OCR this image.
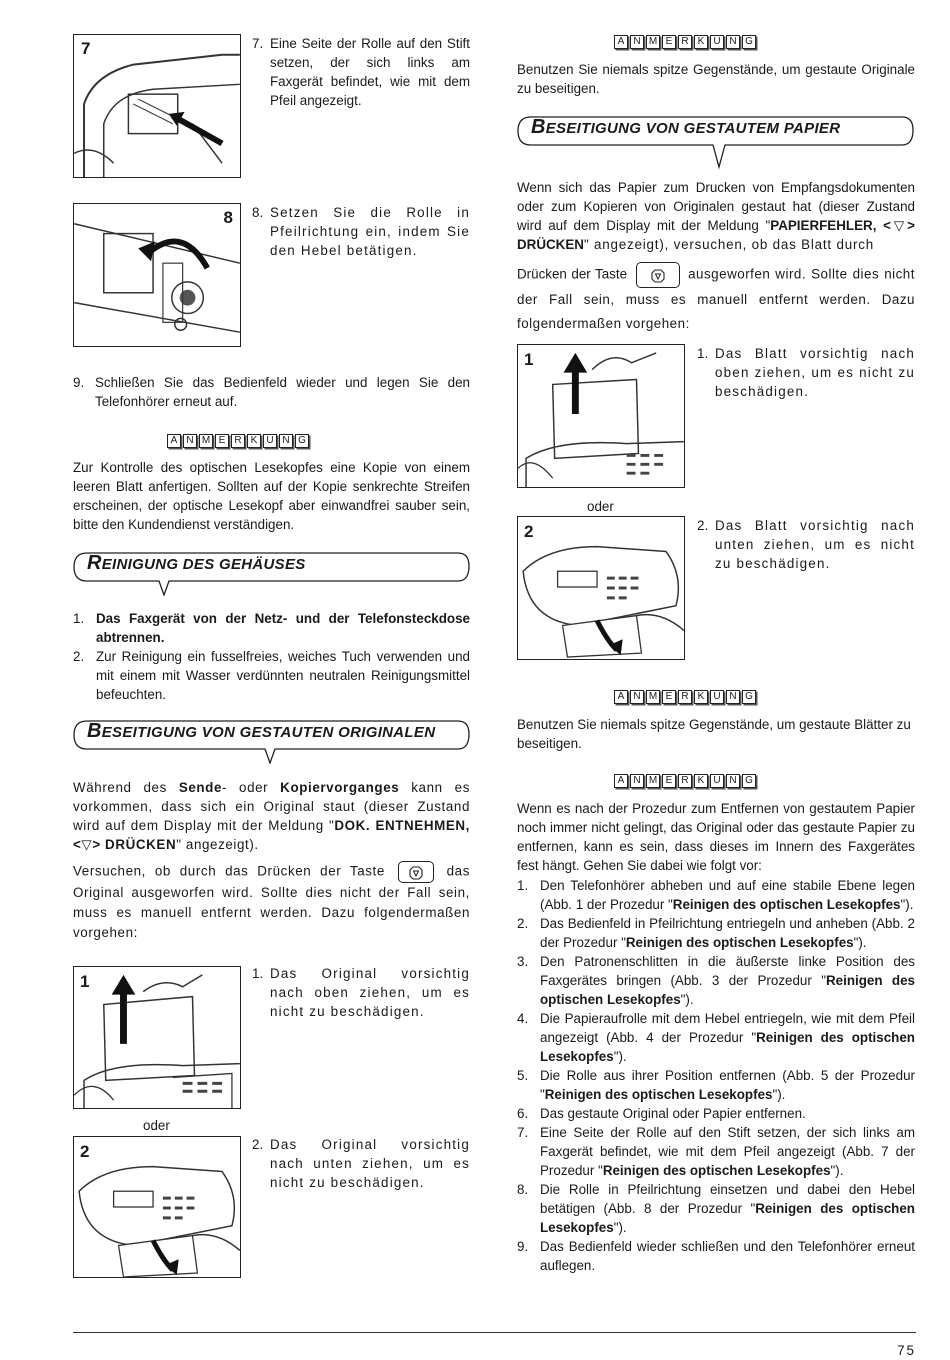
7	7. Eine Seite der Rolle auf den Stift setzen, der sich links am Faxgerät befindet, wie mit dem Pfeil angezeigt.

8 8. Setzen Sie die Rolle in Pfeilrichtung ein, indem Sie den Hebel betätigen.

9. Schließen Sie das Bedienfeld wieder und legen Sie den Telefonhörer erneut auf.

A N M E R K U N G

Zur Kontrolle des optischen Lesekopfes eine Kopie von einem leeren Blatt anfertigen. Sollten auf der Kopie senkrechte Streifen erscheinen, der optische Lesekopf aber einwandfrei sauber sein, bitte den Kundendienst verständigen.

REINIGUNG DES GEHÄUSES
1. Das Faxgerät von der Netz- und der Telefonsteckdose abtrennen.
2. Zur Reinigung ein fusselfreies, weiches Tuch verwenden und mit einem mit Wasser verdünnten neutralen Reinigungsmittel befeuchten.
BESEITIGUNG VON GESTAUTEN ORIGINALEN

Während des Sende- oder Kopiervorganges kann es vorkommen, dass sich ein Original staut (dieser Zustand wird auf dem Display mit der Meldung "DOK. ENTNEHMEN, <▽> DRÜCKEN" angezeigt).

Versuchen, ob durch das Drücken der Taste	das Original ausgeworfen wird. Sollte dies nicht der Fall sein, muss es manuell entfernt werden. Dazu folgendermaßen vorgehen:

1	1. Das Original vorsichtig nach oben ziehen, um es nicht zu beschädigen.

oder
2	2. Das Original vorsichtig nach unten ziehen, um es nicht zu beschädigen.

A N M E R K U N G

Benutzen Sie niemals spitze Gegenstände, um gestaute Originale zu beseitigen.

BESEITIGUNG VON GESTAUTEM PAPIER

Wenn sich das Papier zum Drucken von Empfangsdokumenten oder zum Kopieren von Originalen gestaut hat (dieser Zustand wird auf dem Display mit der Meldung "PAPIERFEHLER, <▽> DRÜCKEN" angezeigt), versuchen, ob das Blatt durch

Drücken der Taste	ausgeworfen wird. Sollte dies nicht der Fall sein, muss es manuell entfernt werden. Dazu folgendermaßen vorgehen:

1	1. Das Blatt vorsichtig nach oben ziehen, um es nicht zu beschädigen.

oder
2	2. Das Blatt vorsichtig nach unten ziehen, um es nicht zu beschädigen.

A N M E R K U N G

Benutzen Sie niemals spitze Gegenstände, um gestaute Blätter zu beseitigen.

A N M E R K U N G

Wenn es nach der Prozedur zum Entfernen von gestautem Papier noch immer nicht gelingt, das Original oder das gestaute Papier zu entfernen, kann es sein, dass dieses im Innern des Faxgerätes fest hängt. Gehen Sie dabei wie folgt vor:

1. Den Telefonhörer abheben und auf eine stabile Ebene legen (Abb. 1 der Prozedur "Reinigen des optischen Lesekopfes").
2. Das Bedienfeld in Pfeilrichtung entriegeln und anheben (Abb. 2 der Prozedur "Reinigen des optischen Lesekopfes").
3. Den Patronenschlitten in die äußerste linke Position des Faxgerätes bringen (Abb. 3 der Prozedur "Reinigen des optischen Lesekopfes").
4. Die Papieraufrolle mit dem Hebel entriegeln, wie mit dem Pfeil angezeigt (Abb. 4 der Prozedur "Reinigen des optischen Lesekopfes").
5. Die Rolle aus ihrer Position entfernen (Abb. 5 der Prozedur "Reinigen des optischen Lesekopfes").
6. Das gestaute Original oder Papier entfernen.
7. Eine Seite der Rolle auf den Stift setzen, der sich links am Faxgerät befindet, wie mit dem Pfeil angezeigt (Abb. 7 der Prozedur "Reinigen des optischen Lesekopfes").
8. Die Rolle in Pfeilrichtung einsetzen und dabei den Hebel betätigen (Abb. 8 der Prozedur "Reinigen des optischen Lesekopfes").
9. Das Bedienfeld wieder schließen und den Telefonhörer erneut auflegen.
75
